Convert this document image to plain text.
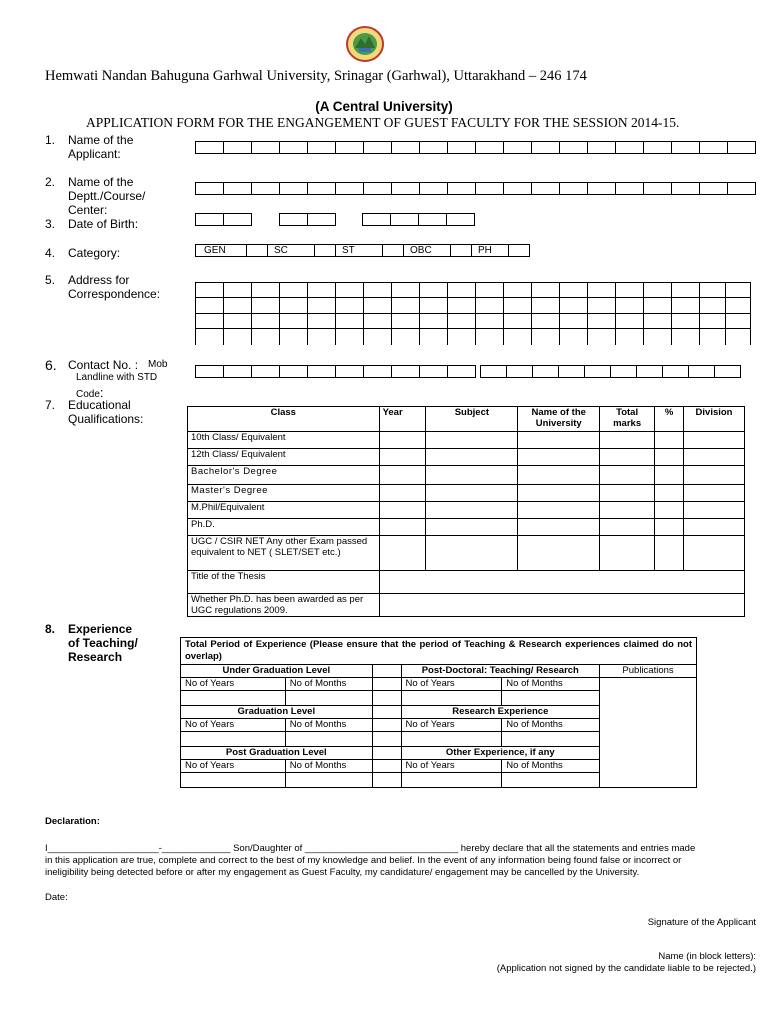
Hemwati Nandan Bahuguna Garhwal University, Srinagar (Garhwal), Uttarakhand – 246 174
(A Central University)
APPLICATION FORM FOR THE ENGANGEMENT OF GUEST FACULTY FOR THE SESSION 2014-15.
1. Name of the
Applicant:
2. Name of the
Deptt./Course/
Center:
3. Date of Birth:
4. Category:	GEN	SC	ST	OBC	PH
5. Address for
Correspondence:
6. Contact No. : Mob
Landline with STD
Code:
7. Educational
Qualifications:	Class	Year	Subject	Name of the University	Total marks	%	Division
10th Class/ Equivalent						
12th Class/ Equivalent						
Bachelor's Degree						
Master's Degree						
M.Phil/Equivalent						
Ph.D.						
UGC / CSIR NET Any other Exam passed equivalent to NET ( SLET/SET etc.)						
Title of the Thesis						
Whether Ph.D. has been awarded as per UGC regulations 2009.						
8. Experience
of Teaching/
Research
Total Period of Experience (Please ensure that the period of Teaching & Research experiences claimed do not overlap)					
Under Graduation Level			Post-Doctoral: Teaching/ Research		Publications
No of Years	No of Months		No of Years	No of Months	

Graduation Level			Research Experience		
No of Years	No of Months		No of Years	No of Months	

Post Graduation Level			Other Experience, if any		
No of Years	No of Months		No of Years	No of Months	

Declaration:
I_____________________-_____________ Son/Daughter of _____________________________ hereby declare that all the statements and entries made
in this application are true, complete and correct to the best of my knowledge and belief. In the event of any information being found false or incorrect or
ineligibility being detected before or after my engagement as Guest Faculty, my candidature/ engagement may be cancelled by the University.
Date:
Signature of the Applicant
Name (in block letters):
(Application not signed by the candidate liable to be rejected.)
